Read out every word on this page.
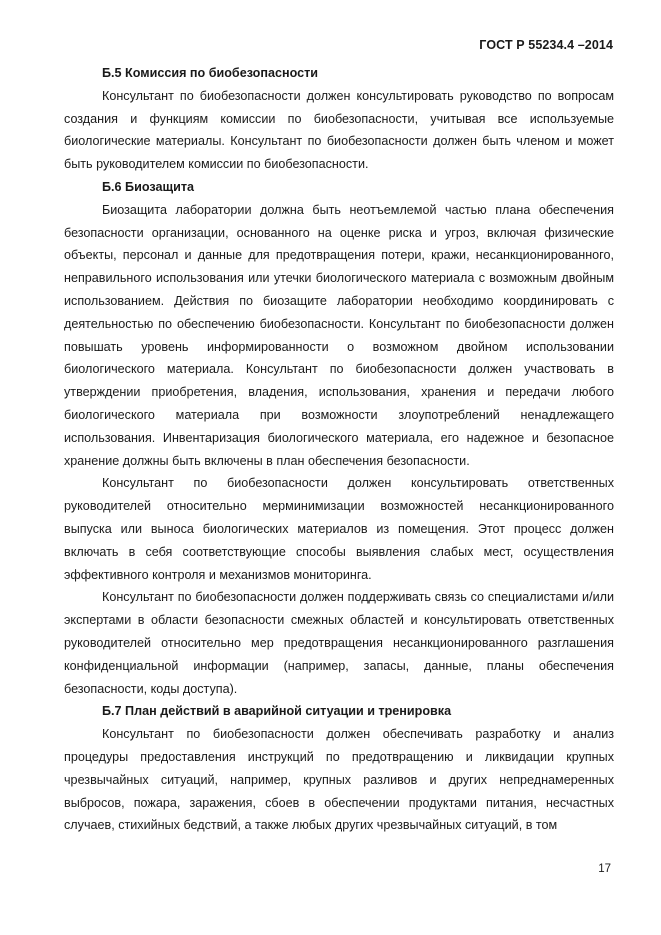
ГОСТ Р 55234.4 –2014
Б.5 Комиссия по биобезопасности

Консультант по биобезопасности должен консультировать руководство по вопросам создания и функциям комиссии по биобезопасности, учитывая все используемые биологические материалы. Консультант по биобезопасности должен быть членом и может быть руководителем комиссии по биобезопасности.

Б.6 Биозащита

Биозащита лаборатории должна быть неотъемлемой частью плана обеспечения безопасности организации, основанного на оценке риска и угроз, включая физические объекты, персонал и данные для предотвращения потери, кражи, несанкционированного, неправильного использования или утечки биологического материала с возможным двойным использованием. Действия по биозащите лаборатории необходимо координировать с деятельностью по обеспечению биобезопасности. Консультант по биобезопасности должен повышать уровень информированности о возможном двойном использовании биологического материала. Консультант по биобезопасности должен участвовать в утверждении приобретения, владения, использования, хранения и передачи любого биологического материала при возможности злоупотреблений ненадлежащего использования. Инвентаризация биологического материала, его надежное и безопасное хранение должны быть включены в план обеспечения безопасности.

Консультант по биобезопасности должен консультировать ответственных руководителей относительно мерминимизации возможностей несанкционированного выпуска или выноса биологических материалов из помещения. Этот процесс должен включать в себя соответствующие способы выявления слабых мест, осуществления эффективного контроля и механизмов мониторинга.

Консультант по биобезопасности должен поддерживать связь со специалистами и/или экспертами в области безопасности смежных областей и консультировать ответственных руководителей относительно мер предотвращения несанкционированного разглашения конфиденциальной информации (например, запасы, данные, планы обеспечения безопасности, коды доступа).

Б.7 План действий в аварийной ситуации и тренировка

Консультант по биобезопасности должен обеспечивать разработку и анализ процедуры предоставления инструкций по предотвращению и ликвидации крупных чрезвычайных ситуаций, например, крупных разливов и других непреднамеренных выбросов, пожара, заражения, сбоев в обеспечении продуктами питания, несчастных случаев, стихийных бедствий, а также любых других чрезвычайных ситуаций, в том

17
